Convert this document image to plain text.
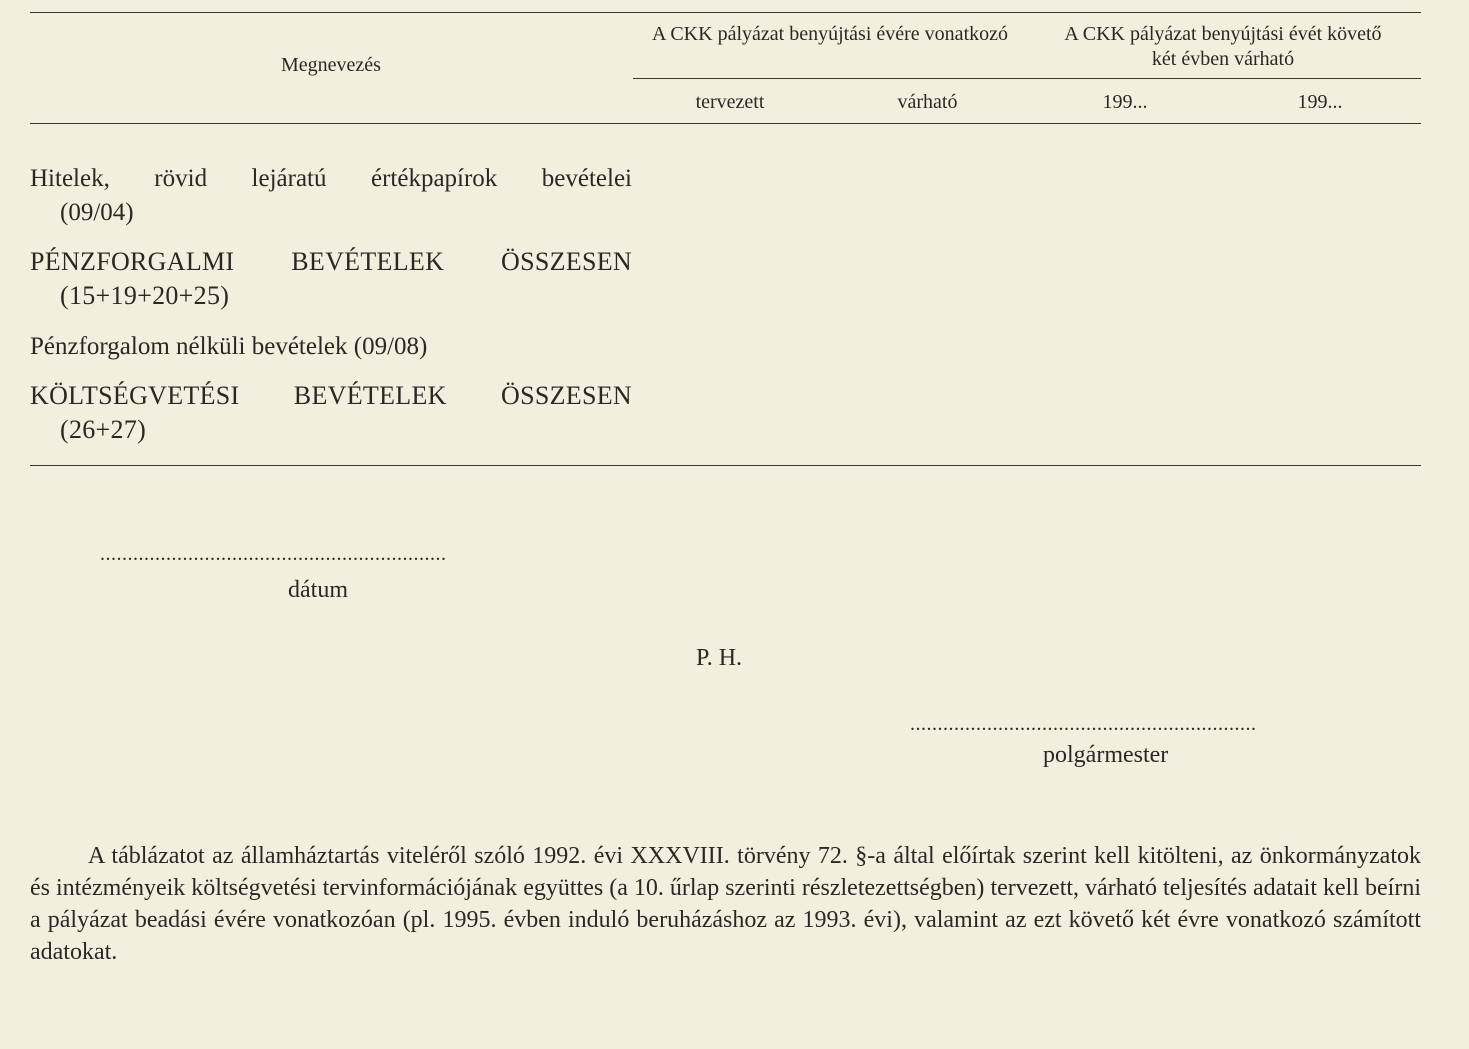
Megnevezés
A CKK pályázat benyújtási évére vonatkozó	A CKK pályázat benyújtási évét követő
két évben várható
tervezett	várható	199...	199...
Hitelek, rövid lejáratú értékpapírok bevételei
(09/04)
PÉNZFORGALMI BEVÉTELEK ÖSSZESEN
(15+19+20+25)
Pénzforgalom nélküli bevételek (09/08)
KÖLTSÉGVETÉSI BEVÉTELEK ÖSSZESEN
(26+27)
...............................................................
dátum
P. H.
...............................................................
polgármester
A táblázatot az államháztartás viteléről szóló 1992. évi XXXVIII. törvény 72. §-a által előírtak szerint kell kitölteni, az önkormányzatok és intézményeik költségvetési tervinformációjának együttes (a 10. űrlap szerinti részletezettségben) tervezett, várható teljesítés adatait kell beírni a pályázat beadási évére vonatkozóan (pl. 1995. évben induló beruházáshoz az 1993. évi), valamint az ezt követő két évre vonatkozó számított adatokat.
